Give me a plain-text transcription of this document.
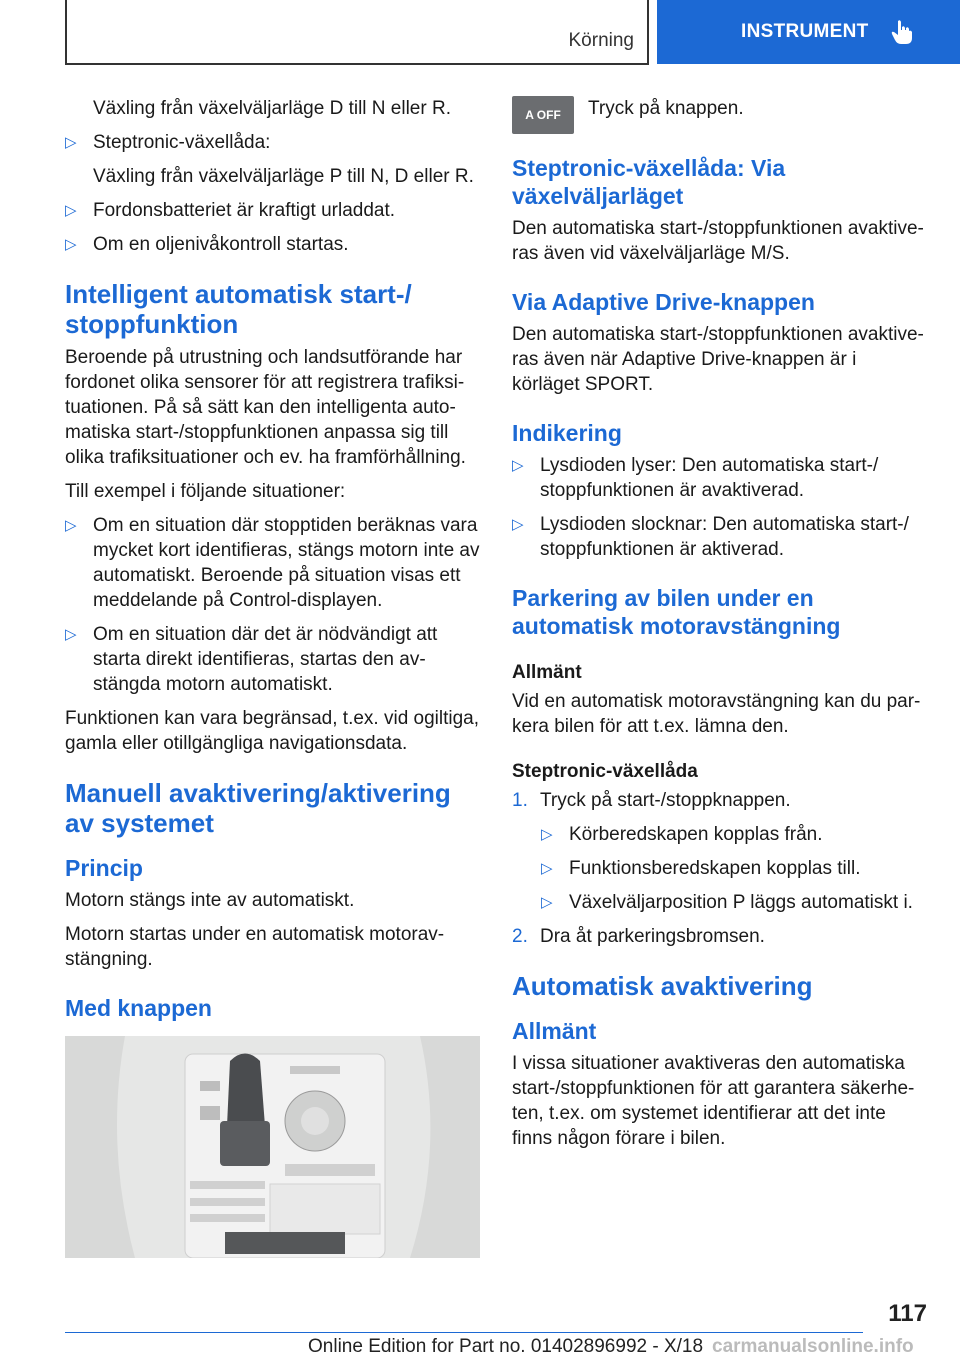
Körning	INSTRUMENT

Växling från växelväljarläge D till N eller R.

▷ Steptronic-växellåda:

Växling från växelväljarläge P till N, D eller R.

▷ Fordonsbatteriet är kraftigt urladdat.
▷ Om en oljenivåkontroll startas.
Intelligent automatisk start-/ stoppfunktion

Beroende på utrustning och landsutförande har fordonet olika sensorer för att registrera trafiksi-tuationen. På så sätt kan den intelligenta auto-matiska start-/stoppfunktionen anpassa sig till olika trafiksituationer och ev. ha framförhållning.

Till exempel i följande situationer:

▷ Om en situation där stopptiden beräknas vara mycket kort identifieras, stängs motorn inte av automatiskt. Beroende på situation visas ett meddelande på Control-displayen.
▷ Om en situation där det är nödvändigt att starta direkt identifieras, startas den av-stängda motorn automatiskt.

Funktionen kan vara begränsad, t.ex. vid ogiltiga, gamla eller otillgängliga navigationsdata.

Manuell avaktivering/aktivering av systemet
Princip

Motorn stängs inte av automatiskt.

Motorn startas under en automatisk motorav-stängning.

Med knappen
A OFF	Tryck på knappen.
Steptronic-växellåda: Via växelväljarläget

Den automatiska start-/stoppfunktionen avaktive-ras även vid växelväljarläge M/S.

Via Adaptive Drive-knappen

Den automatiska start-/stoppfunktionen avaktive-ras även när Adaptive Drive-knappen är i körläget SPORT.

Indikering
▷ Lysdioden lyser: Den automatiska start-/ stoppfunktionen är avaktiverad.
▷ Lysdioden slocknar: Den automatiska start-/ stoppfunktionen är aktiverad.
Parkering av bilen under en automatisk motoravstängning
Allmänt

Vid en automatisk motoravstängning kan du par-kera bilen för att t.ex. lämna den.

Steptronic-växellåda
1. Tryck på start-/stoppknappen.
▷ Körberedskapen kopplas från.
▷ Funktionsberedskapen kopplas till.
▷ Växelväljarposition P läggs automatiskt i.
2. Dra åt parkeringsbromsen.
Automatisk avaktivering
Allmänt

I vissa situationer avaktiveras den automatiska start-/stoppfunktionen för att garantera säkerhe-ten, t.ex. om systemet identifierar att det inte finns någon förare i bilen.

117
Online Edition for Part no. 01402896992 - X/18 carmanualsonline.info
